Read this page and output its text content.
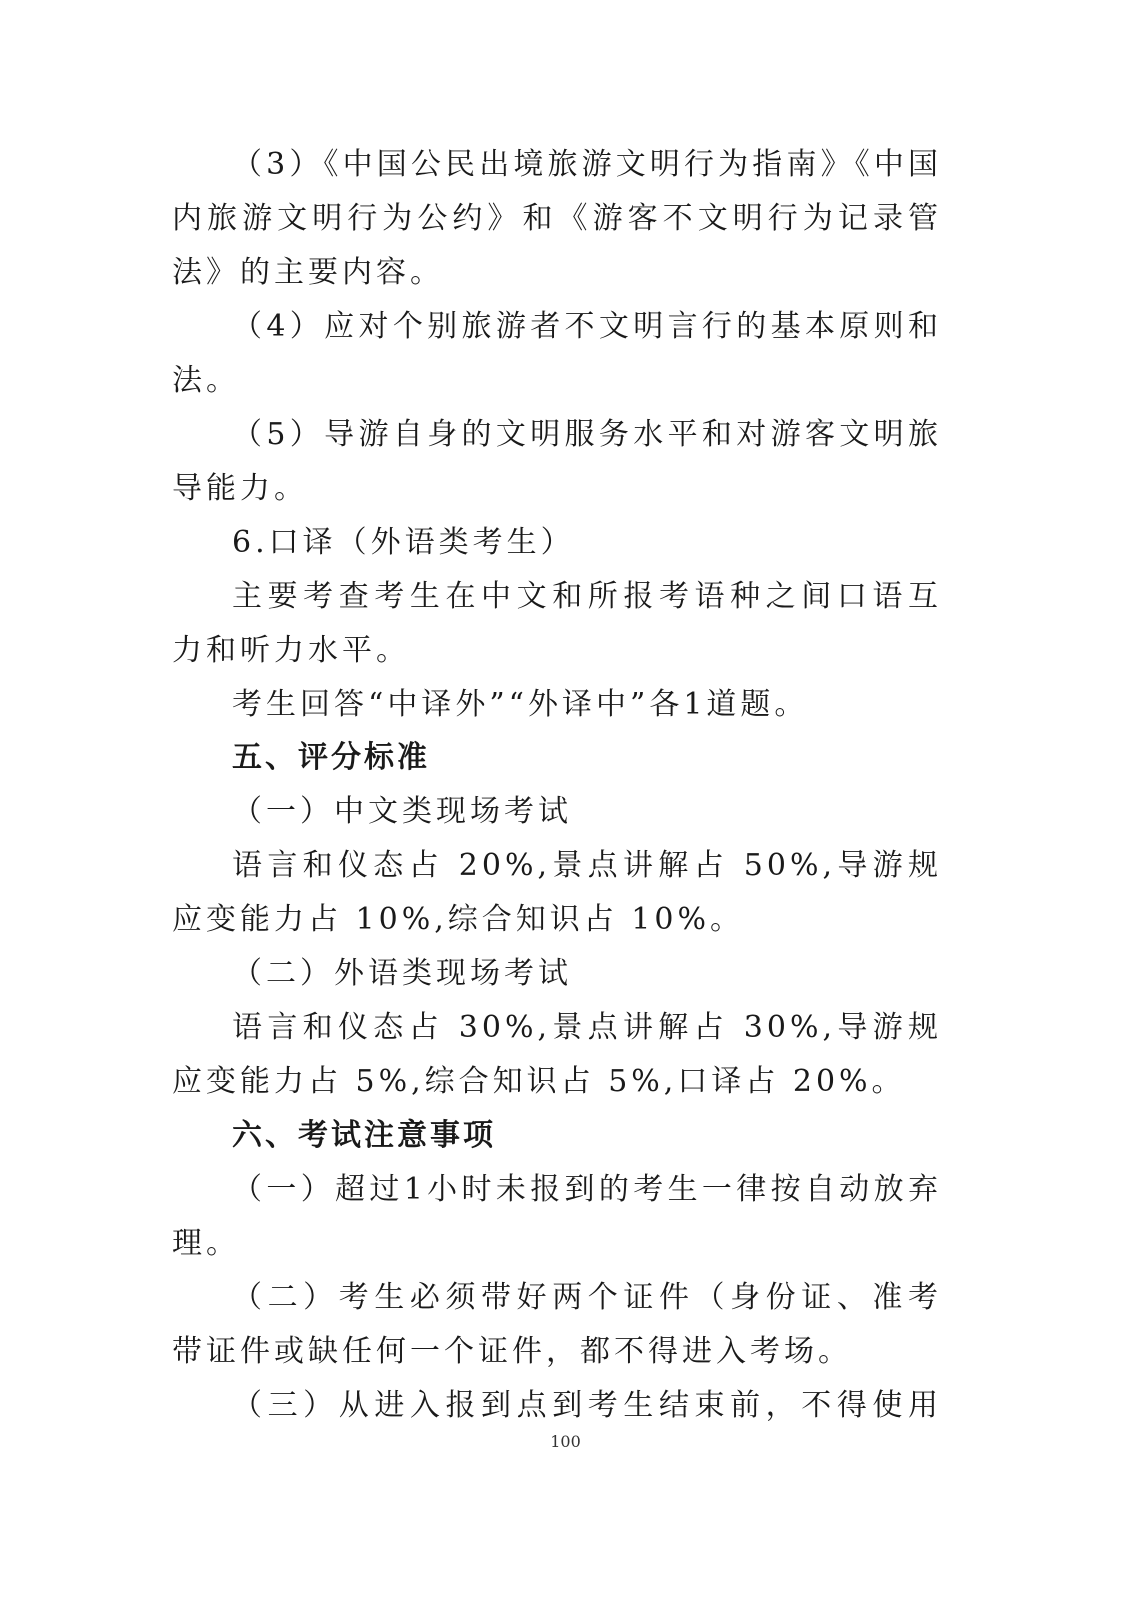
（3）《中国公民出境旅游文明行为指南》《中国
内旅游文明行为公约》和《游客不文明行为记录管
法》的主要内容。
（4）应对个别旅游者不文明言行的基本原则和
法。
（5）导游自身的文明服务水平和对游客文明旅
导能力。
6.口译（外语类考生）
主要考查考生在中文和所报考语种之间口语互
力和听力水平。
考生回答“中译外”“外译中”各1道题。
五、评分标准
（一）中文类现场考试
语言和仪态占 20%,景点讲解占 50%,导游规
应变能力占 10%,综合知识占 10%。
（二）外语类现场考试
语言和仪态占 30%,景点讲解占 30%,导游规
应变能力占 5%,综合知识占 5%,口译占 20%。
六、考试注意事项
（一）超过1小时未报到的考生一律按自动放弃
理。
（二）考生必须带好两个证件（身份证、准考
带证件或缺任何一个证件，都不得进入考场。
（三）从进入报到点到考生结束前，不得使用
100
